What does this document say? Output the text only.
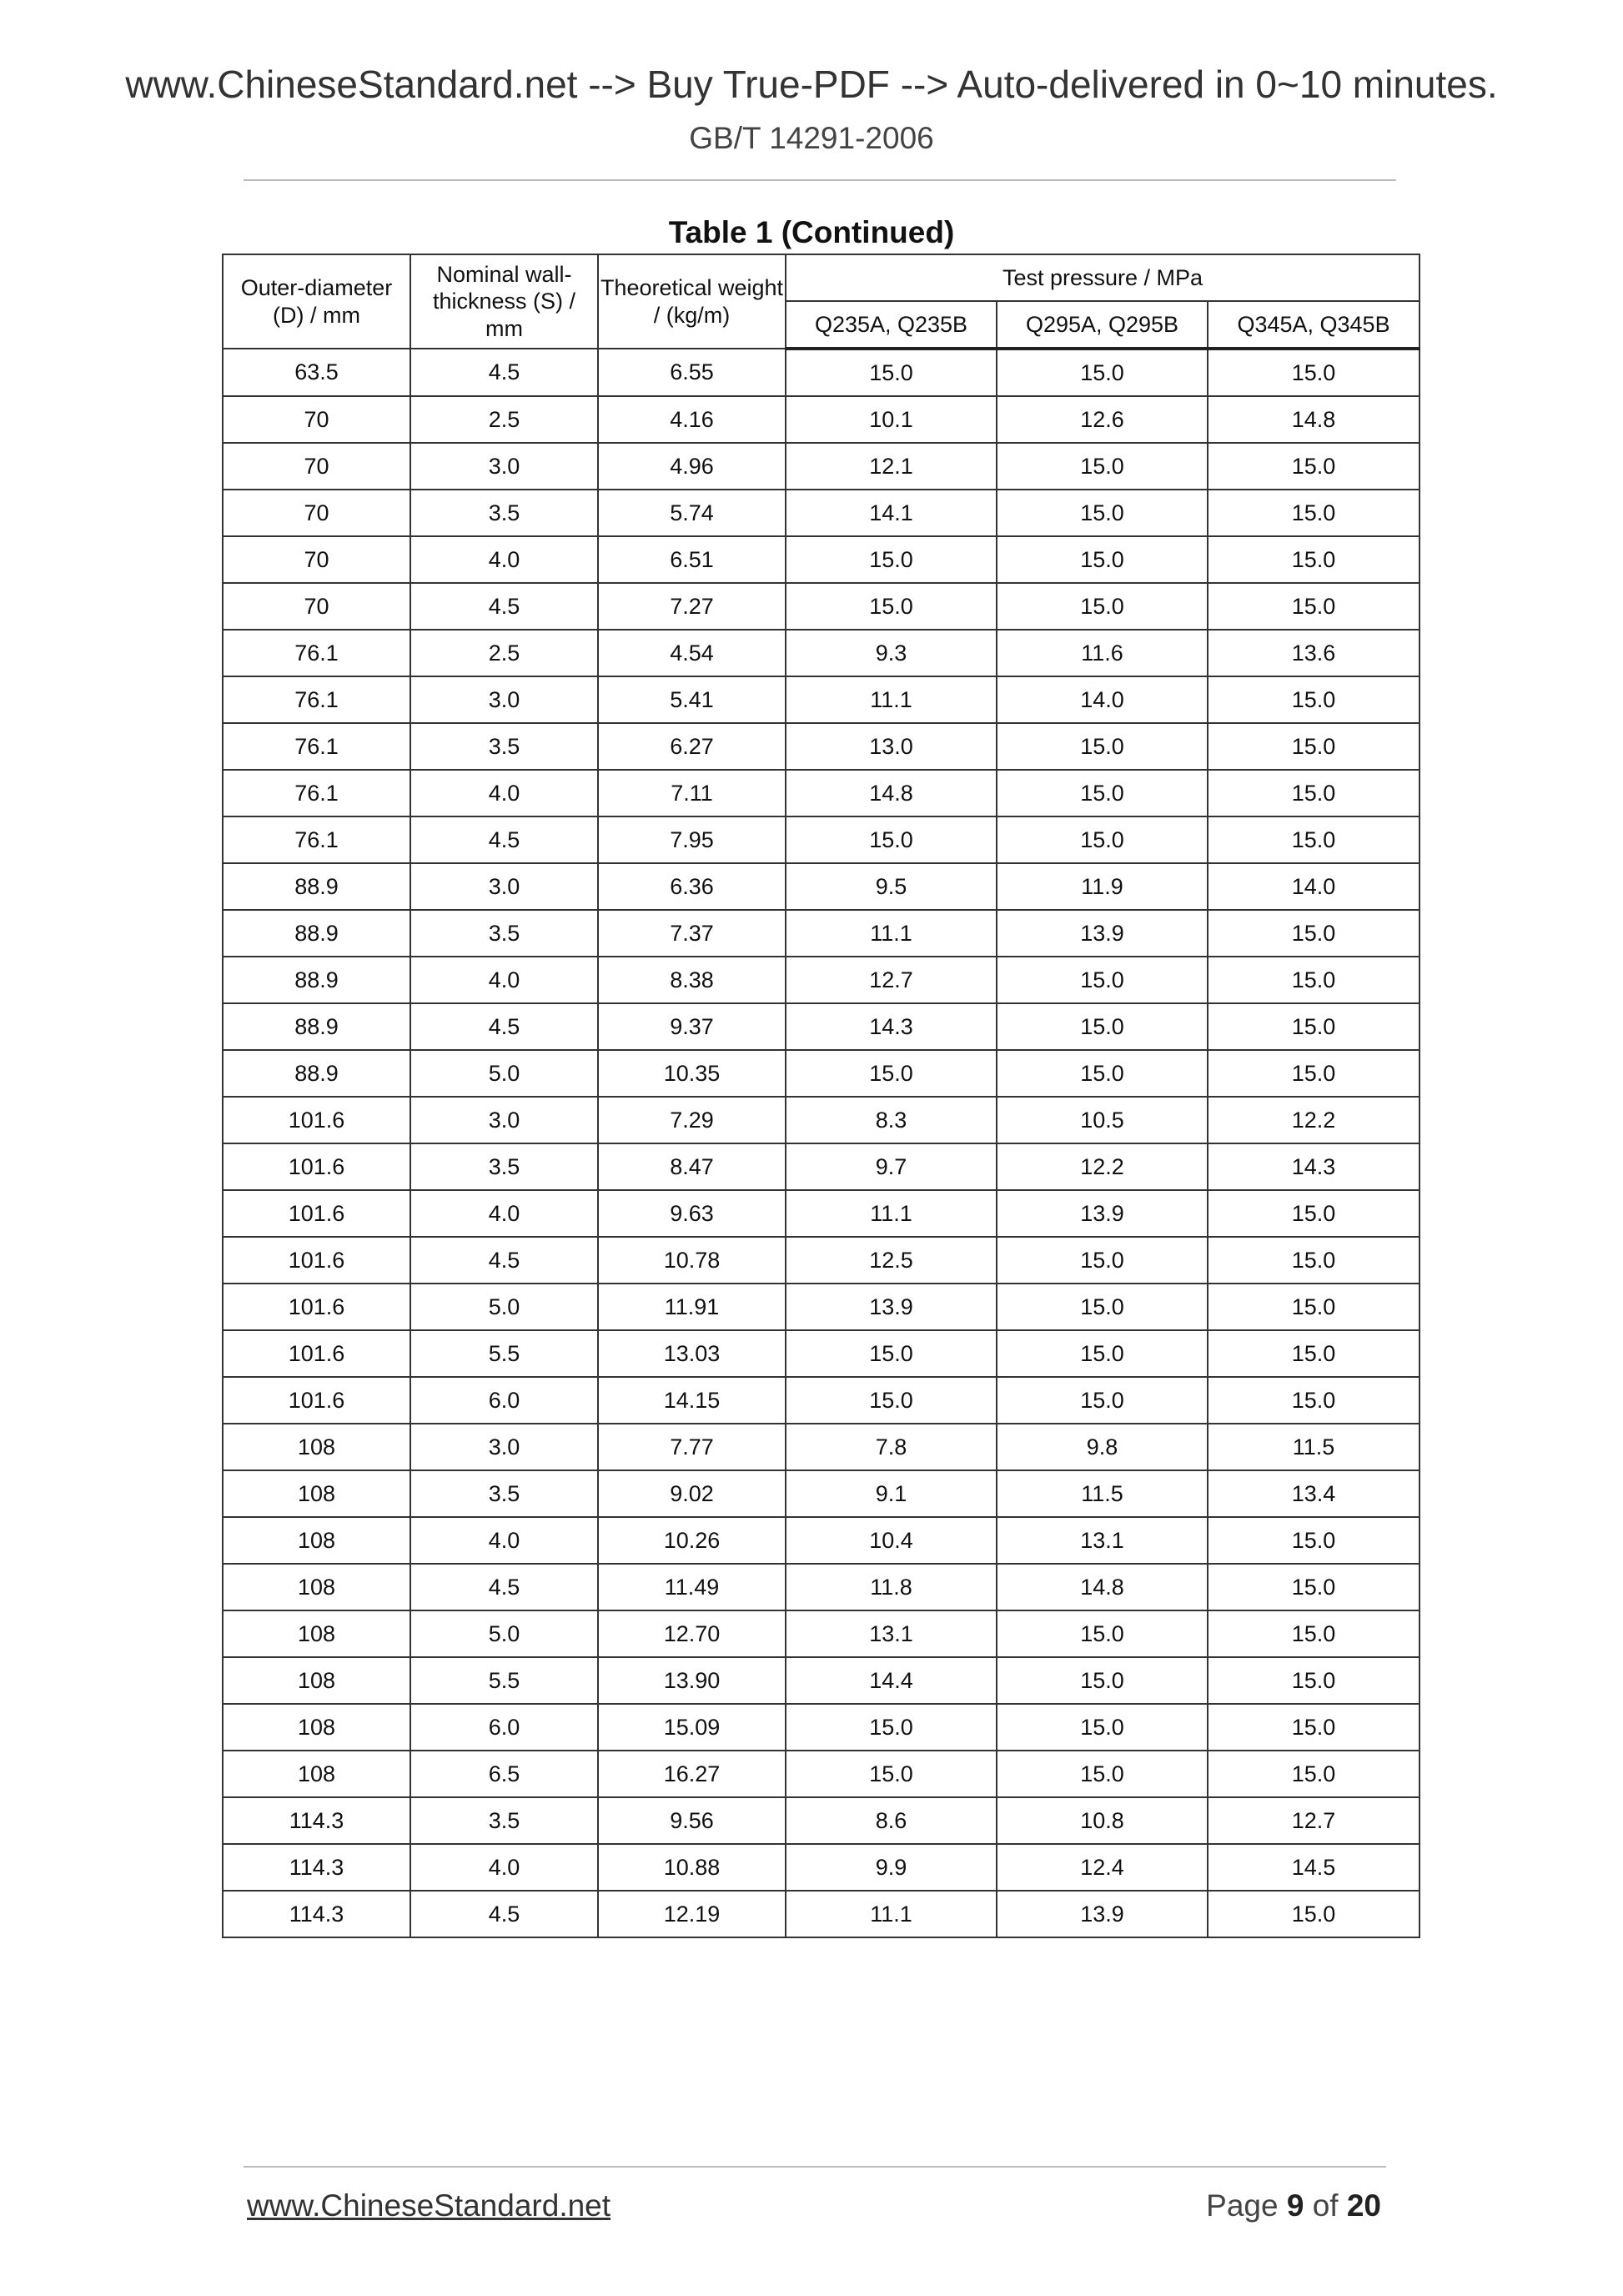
www.ChineseStandard.net --> Buy True-PDF --> Auto-delivered in 0~10 minutes.
GB/T 14291-2006
Table 1 (Continued)
Outer-diameter (D) / mm	Nominal wall-thickness (S) / mm	Theoretical weight / (kg/m)	Test pressure / MPa		
			Q235A, Q235B	Q295A, Q295B	Q345A, Q345B
63.5	4.5	6.55	15.0	15.0	15.0
70	2.5	4.16	10.1	12.6	14.8
70	3.0	4.96	12.1	15.0	15.0
70	3.5	5.74	14.1	15.0	15.0
70	4.0	6.51	15.0	15.0	15.0
70	4.5	7.27	15.0	15.0	15.0
76.1	2.5	4.54	9.3	11.6	13.6
76.1	3.0	5.41	11.1	14.0	15.0
76.1	3.5	6.27	13.0	15.0	15.0
76.1	4.0	7.11	14.8	15.0	15.0
76.1	4.5	7.95	15.0	15.0	15.0
88.9	3.0	6.36	9.5	11.9	14.0
88.9	3.5	7.37	11.1	13.9	15.0
88.9	4.0	8.38	12.7	15.0	15.0
88.9	4.5	9.37	14.3	15.0	15.0
88.9	5.0	10.35	15.0	15.0	15.0
101.6	3.0	7.29	8.3	10.5	12.2
101.6	3.5	8.47	9.7	12.2	14.3
101.6	4.0	9.63	11.1	13.9	15.0
101.6	4.5	10.78	12.5	15.0	15.0
101.6	5.0	11.91	13.9	15.0	15.0
101.6	5.5	13.03	15.0	15.0	15.0
101.6	6.0	14.15	15.0	15.0	15.0
108	3.0	7.77	7.8	9.8	11.5
108	3.5	9.02	9.1	11.5	13.4
108	4.0	10.26	10.4	13.1	15.0
108	4.5	11.49	11.8	14.8	15.0
108	5.0	12.70	13.1	15.0	15.0
108	5.5	13.90	14.4	15.0	15.0
108	6.0	15.09	15.0	15.0	15.0
108	6.5	16.27	15.0	15.0	15.0
114.3	3.5	9.56	8.6	10.8	12.7
114.3	4.0	10.88	9.9	12.4	14.5
114.3	4.5	12.19	11.1	13.9	15.0
www.ChineseStandard.net	Page 9 of 20
